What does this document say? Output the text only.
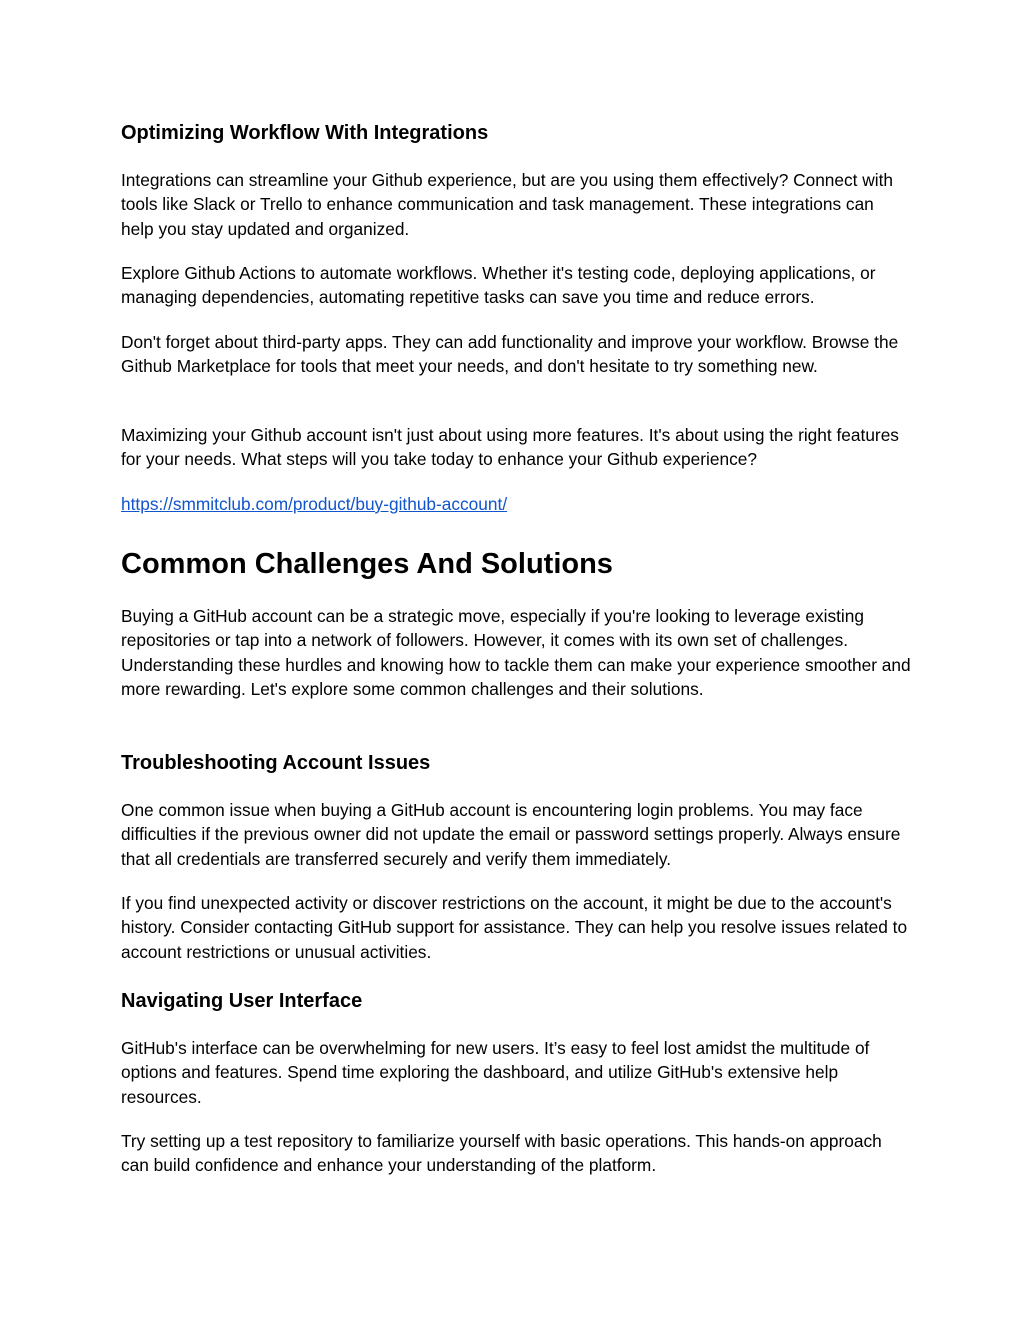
Optimizing Workflow With Integrations

Integrations can streamline your Github experience, but are you using them effectively? Connect with tools like Slack or Trello to enhance communication and task management. These integrations can help you stay updated and organized.

Explore Github Actions to automate workflows. Whether it's testing code, deploying applications, or managing dependencies, automating repetitive tasks can save you time and reduce errors.

Don't forget about third-party apps. They can add functionality and improve your workflow. Browse the Github Marketplace for tools that meet your needs, and don't hesitate to try something new.

Maximizing your Github account isn't just about using more features. It's about using the right features for your needs. What steps will you take today to enhance your Github experience?

https://smmitclub.com/product/buy-github-account/
Common Challenges And Solutions

Buying a GitHub account can be a strategic move, especially if you're looking to leverage existing repositories or tap into a network of followers. However, it comes with its own set of challenges. Understanding these hurdles and knowing how to tackle them can make your experience smoother and more rewarding. Let's explore some common challenges and their solutions.

Troubleshooting Account Issues

One common issue when buying a GitHub account is encountering login problems. You may face difficulties if the previous owner did not update the email or password settings properly. Always ensure that all credentials are transferred securely and verify them immediately.

If you find unexpected activity or discover restrictions on the account, it might be due to the account's history. Consider contacting GitHub support for assistance. They can help you resolve issues related to account restrictions or unusual activities.

Navigating User Interface

GitHub's interface can be overwhelming for new users. It’s easy to feel lost amidst the multitude of options and features. Spend time exploring the dashboard, and utilize GitHub's extensive help resources.

Try setting up a test repository to familiarize yourself with basic operations. This hands-on approach can build confidence and enhance your understanding of the platform.
